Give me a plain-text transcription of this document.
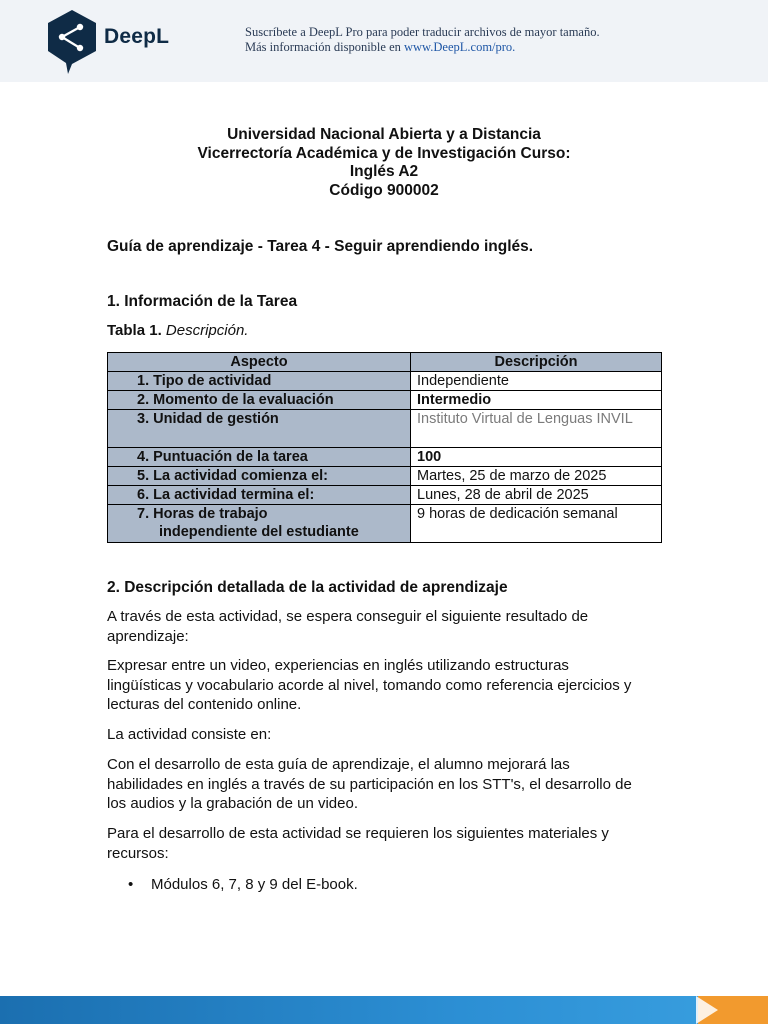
DeepL	Suscríbete a DeepL Pro para poder traducir archivos de mayor tamaño.
Más información disponible en www.DeepL.com/pro.
Universidad Nacional Abierta y a Distancia
Vicerrectoría Académica y de Investigación Curso:
Inglés A2
Código 900002
Guía de aprendizaje - Tarea 4 - Seguir aprendiendo inglés.
1. Información de la Tarea
Tabla 1. Descripción.
Aspecto	Descripción
1. Tipo de actividad	Independiente
2. Momento de la evaluación	Intermedio
3. Unidad de gestión	Instituto Virtual de Lenguas INVIL

4. Puntuación de la tarea	100
5. La actividad comienza el:	Martes, 25 de marzo de 2025
6. La actividad termina el:	Lunes, 28 de abril de 2025

7. Horas de trabajo
independiente del estudiante	9 horas de dedicación semanal
2. Descripción detallada de la actividad de aprendizaje
A través de esta actividad, se espera conseguir el siguiente resultado de aprendizaje:
Expresar entre un video, experiencias en inglés utilizando estructuras lingüísticas y vocabulario acorde al nivel, tomando como referencia ejercicios y lecturas del contenido online.
La actividad consiste en:
Con el desarrollo de esta guía de aprendizaje, el alumno mejorará las habilidades en inglés a través de su participación en los STT's, el desarrollo de los audios y la grabación de un video.
Para el desarrollo de esta actividad se requieren los siguientes materiales y recursos:
• Módulos 6, 7, 8 y 9 del E-book.
